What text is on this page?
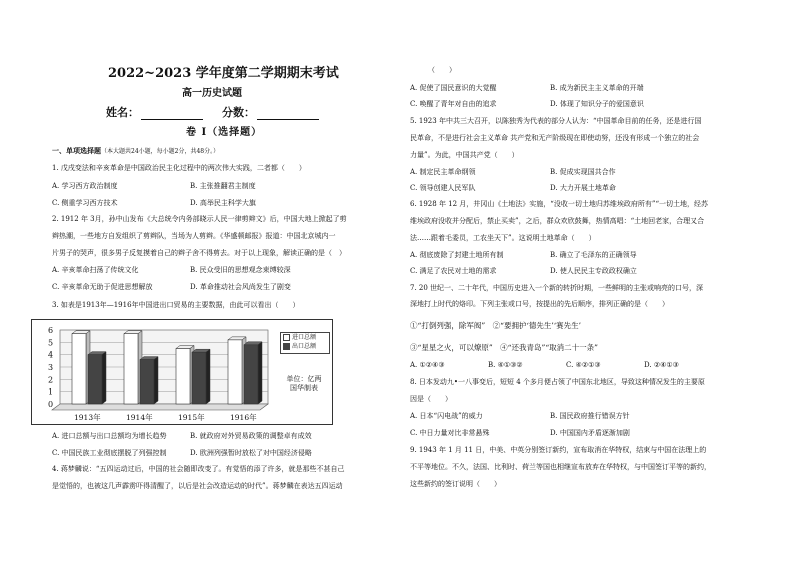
2022~2023 学年度第二学期期末考试
高一历史试题
姓名：	分数：
卷 I（选择题）
一、单项选择题（本大题共24小题，每小题2分，共48分。）
1. 戊戌变法和辛亥革命是中国政治民主化过程中的两次伟大实践，二者都（　　）
A. 学习西方政治制度	B. 主张推翻君主制度
C. 侧重学习西方技术	D. 高举民主科学大旗
2. 1912 年 3月，孙中山发布《大总统令内务部晓示人民一律剪辫文》后，中国大地上掀起了剪
辫热潮，一些地方自发组织了剪辫队，当场为人剪辫。《华盛顿邮报》报道：中国北京城内一
片男子的哭声，很多男子反复摸着自己的辫子舍不得剪去。对于以上现象，解读正确的是（　）
A. 辛亥革命扫荡了传统文化	B. 民众受旧的思想观念束缚较深
C. 辛亥革命无助于促进思想解放	D. 革命推动社会风尚发生了剧变
3. 如表是1913年—1916年中国进出口贸易的主要数据，由此可以看出（　　）
A. 进口总额与出口总额均为增长趋势	B. 就政府对外贸易政策的调整卓有成效
C. 中国民族工业彻底摆脱了列强控制	D. 欧洲列强暂时放松了对中国经济侵略
4. 蒋梦麟说：“五四运动过后，中国的社会随即改变了。有觉悟的添了许多，就是那些不甚自己
是觉悟的，也被这几声霹雳吓得清醒了，以后是社会改造运动的时代”。蒋梦麟在表达五四运动
0
1
2
3
4
5
6
1913年	1914年	1915年	1916年
进口总额
出口总额
单位：亿两
国华制表
（　　）
A. 促使了国民意识的大觉醒	B. 成为新民主主义革命的开端
C. 唤醒了青年对自由的追求	D. 体现了知识分子的爱国意识
5. 1923 年中共三大召开，以陈独秀为代表的部分人认为：“中国革命目前的任务，还是进行国
民革命，不是进行社会主义革命 共产党和无产阶级现在即使动努，还没有形成一个独立的社会
力量”。为此，中国共产党（　　）
A. 制定民主革命纲领	B. 促成实现国共合作
C. 领导创建人民军队	D. 大力开展土地革命
6. 1928 年 12 月，井冈山《土地法》实施，“没收一切土地归苏维埃政府所有”“一切土地，经苏
维埃政府没收并分配后，禁止买卖”，之后，群众欢欣鼓舞，热情高唱：“土地回老家，合理又合
法……跟着毛委员，工农坐天下”。这说明土地革命（　　）
A. 彻底废除了封建土地所有制	B. 确立了毛泽东的正确领导
C. 满足了农民对土地的需求	D. 使人民民主专政政权确立
7. 20 世纪一、二十年代，中国历史进入一个新的转折时期，一些鲜明的主张或响亮的口号，深
深地打上时代的烙印。下列主张或口号，按提出的先后顺序，排列正确的是（　　）
①“打倒列强，除军阀”　②“要拥护‘德先生’‘赛先生’
③“星星之火，可以燎原”　④“还我青岛”“取消二十一条”
A. ①②④③	B. ④①③②	C. ④②①③	D. ②④①③
8. 日本发动九•一八事变后，短短 4 个多月便占领了中国东北地区，导致这种情况发生的主要原
因是（　　）
A. 日本“闪电战”的威力	B. 国民政府推行错误方针
C. 中日力量对比非常悬殊	D. 中国国内矛盾逐渐加剧
9. 1943 年 1 月 11 日，中美、中英分别签订新约，宣布取消在华特权，结束与中国在法理上的
不平等地位。不久，法国、比利时、荷兰等国也相继宣布放弃在华特权，与中国签订平等的新约，
这些新约的签订说明（　　）
